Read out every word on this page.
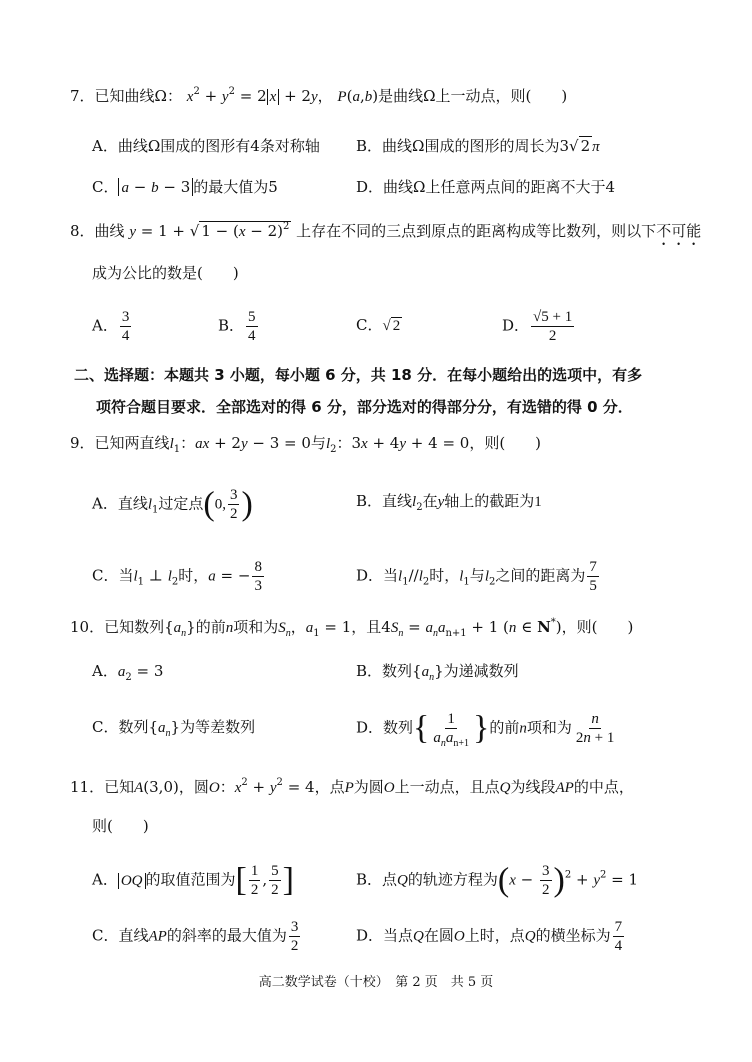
7．已知曲线Ω： $x^2 + y^2 = 2$ x + 2y， P(a,b)是曲线Ω上一动点，则(　　)
A．曲线Ω围成的图形有4条对称轴 B．曲线Ω围成的图形的周长为3√ 2 π
C． a − b − 3 的最大值为5	D．曲线Ω上任意两点间的距离不大于4
8．曲线 y = 1 + √ $1 - (x - 2)^2$ 上存在不同的三点到原点的距离构成等比数列，则以下不可能
成为公比的数是(　　)
A． $\frac{3}{4}$	B． $\frac{5}{4}$	C．√ 2	D． $\frac{√5 + 1}{2}$
二、选择题：本题共 3 小题，每小题 6 分，共 18 分．在每小题给出的选项中，有多
项符合题目要求．全部选对的得 6 分，部分选对的得部分分，有选错的得 0 分．
9．已知两直线$l_1$：ax + 2y − 3 = 0与$l_2$：3x + 4y + 4 = 0，则(　　)
A．直线$l_1$过定点(0, $\frac{3}{2}$ )	B．直线$l_2$在y轴上的截距为1
C．当$l_1$ ⊥ $l_2$时，a = − $\frac{8}{3}$	D．当$l_1//l_2$时，$l_1$与$l_2$之间的距离为 $\frac{7}{5}$
10．已知数列$\{a_n\}$的前n项和为$S_n$，$a_1 = 1$，且$4S_n = a_na_{n+1} + 1$ (n ∈ N*)，则(　　)
A．$a_2 = 3$	B．数列$\{a_n\}$为递减数列
C．数列$\{a_n\}$为等差数列	D．数列{ $\frac{1}{a_na_{n+1}}$ }的前n项和为 $\frac{n}{2n + 1}$
11．已知A(3,0)，圆O：$x^2 + y^2 = 4$，点P为圆O上一动点，且点Q为线段AP的中点，
则(　　)
A． OQ 的取值范围为[ $\frac{1}{2}$ , $\frac{5}{2}$ ]	B．点Q的轨迹方程为$(x - \frac{3}{2} )^2 + y^2 = 1$
C．直线AP的斜率的最大值为 $\frac{3}{2}$	D．当点Q在圆O上时，点Q的横坐标为 $\frac{7}{4}$
高二数学试卷（十校）　第 2 页　共 5 页
